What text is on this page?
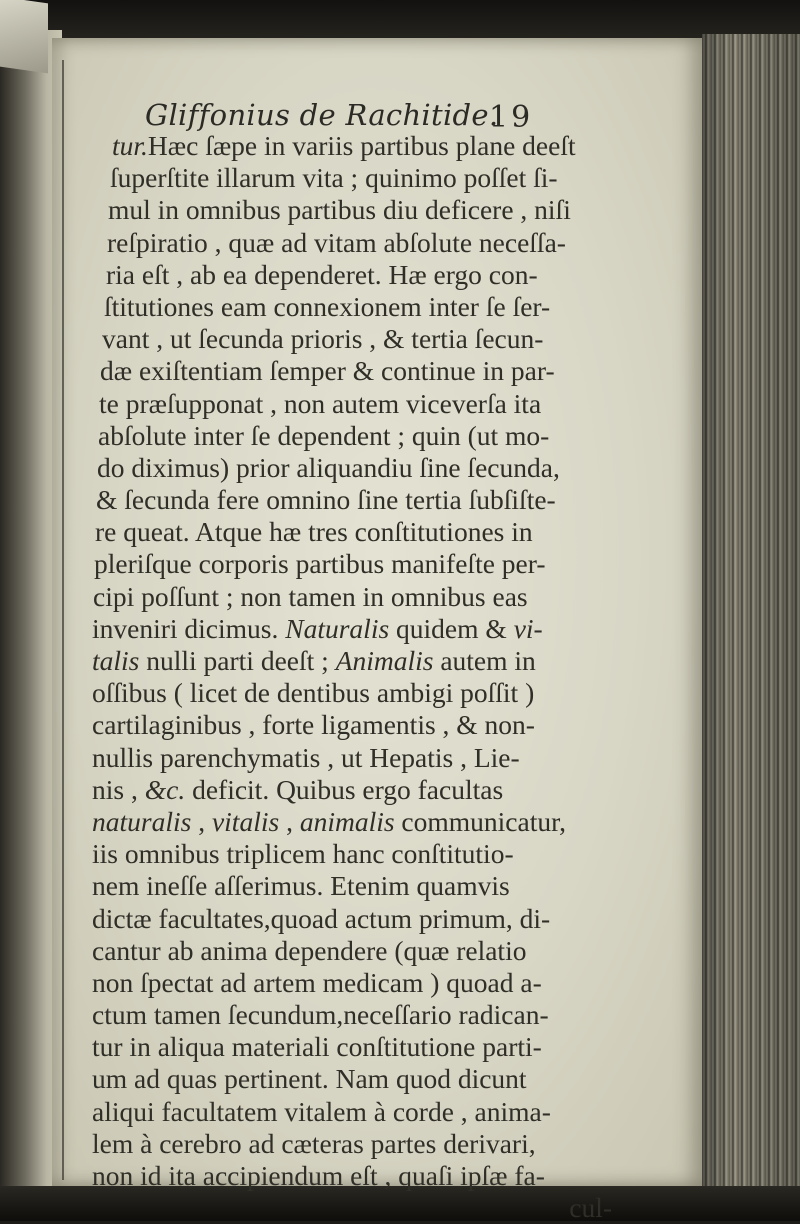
Gliffonius de Rachitide.
19
tur.Hæc ſæpe in variis partibus plane deeſt
ſuperſtite illarum vita ; quinimo poſſet ſi-
mul in omnibus partibus diu deficere , niſi
reſpiratio , quæ ad vitam abſolute neceſſa-
ria eſt , ab ea dependeret. Hæ ergo con-
ſtitutiones eam connexionem inter ſe ſer-
vant , ut ſecunda prioris , & tertia ſecun-
dæ exiſtentiam ſemper & continue in par-
te præſupponat , non autem viceverſa ita
abſolute inter ſe dependent ; quin (ut mo-
do diximus) prior aliquandiu ſine ſecunda,
& ſecunda fere omnino ſine tertia ſubſiſte-
re queat. Atque hæ tres conſtitutiones in
pleriſque corporis partibus manifeſte per-
cipi poſſunt ; non tamen in omnibus eas
inveniri dicimus. Naturalis quidem & vi-
talis nulli parti deeſt ; Animalis autem in
oſſibus ( licet de dentibus ambigi poſſit )
cartilaginibus , forte ligamentis , & non-
nullis parenchymatis , ut Hepatis , Lie-
nis , &c. deficit. Quibus ergo facultas
naturalis , vitalis , animalis communicatur,
iis omnibus triplicem hanc conſtitutio-
nem ineſſe aſſerimus. Etenim quamvis
dictæ facultates,quoad actum primum, di-
cantur ab anima dependere (quæ relatio
non ſpectat ad artem medicam ) quoad a-
ctum tamen ſecundum,neceſſario radican-
tur in aliqua materiali conſtitutione parti-
um ad quas pertinent. Nam quod dicunt
aliqui facultatem vitalem à corde , anima-
lem à cerebro ad cæteras partes derivari,
non id ita accipiendum eſt , quaſi ipſæ fa-
cul-
